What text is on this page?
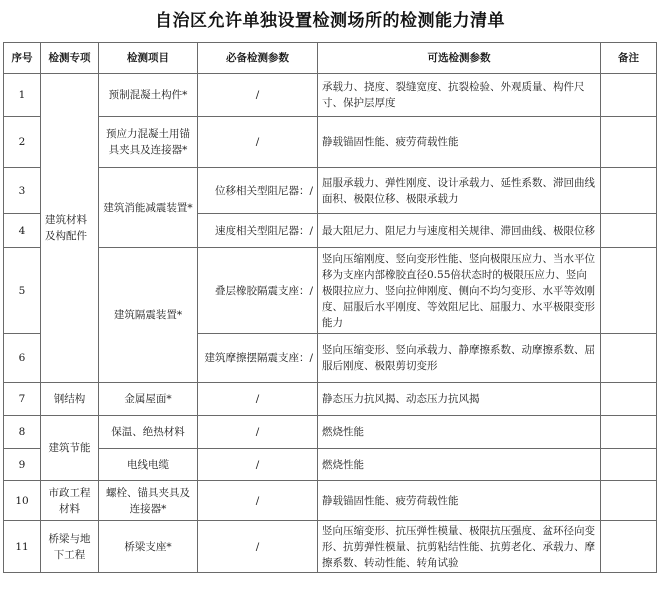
自治区允许单独设置检测场所的检测能力清单
序号	检测专项	检测项目	必备检测参数	可选检测参数	备注
1	建筑材料及构配件	预制混凝土构件*	/	承载力、挠度、裂缝宽度、抗裂检验、外观质量、构件尺寸、保护层厚度	
2		预应力混凝土用锚具夹具及连接器*	/	静载锚固性能、疲劳荷载性能	
3		建筑消能减震装置*	位移相关型阻尼器：/	屈服承载力、弹性刚度、设计承载力、延性系数、滞回曲线面积、极限位移、极限承载力	
4			速度相关型阻尼器：/	最大阻尼力、阻尼力与速度相关规律、滞回曲线、极限位移	
5		建筑隔震装置*	叠层橡胶隔震支座：/	竖向压缩刚度、竖向变形性能、竖向极限压应力、当水平位移为支座内部橡胶直径0.55倍状态时的极限压应力、竖向极限拉应力、竖向拉伸刚度、侧向不均匀变形、水平等效刚度、屈服后水平刚度、等效阻尼比、屈服力、水平极限变形能力	
6			建筑摩擦摆隔震支座：/	竖向压缩变形、竖向承载力、静摩擦系数、动摩擦系数、屈服后刚度、极限剪切变形	
7	钢结构	金属屋面*	/	静态压力抗风揭、动态压力抗风揭	
8	建筑节能	保温、绝热材料	/	燃烧性能	
9		电线电缆	/	燃烧性能	
10	市政工程材料	螺栓、锚具夹具及连接器*	/	静载锚固性能、疲劳荷载性能	
11	桥梁与地下工程	桥梁支座*	/	竖向压缩变形、抗压弹性模量、极限抗压强度、盆环径向变形、抗剪弹性模量、抗剪粘结性能、抗剪老化、承载力、摩擦系数、转动性能、转角试验	
